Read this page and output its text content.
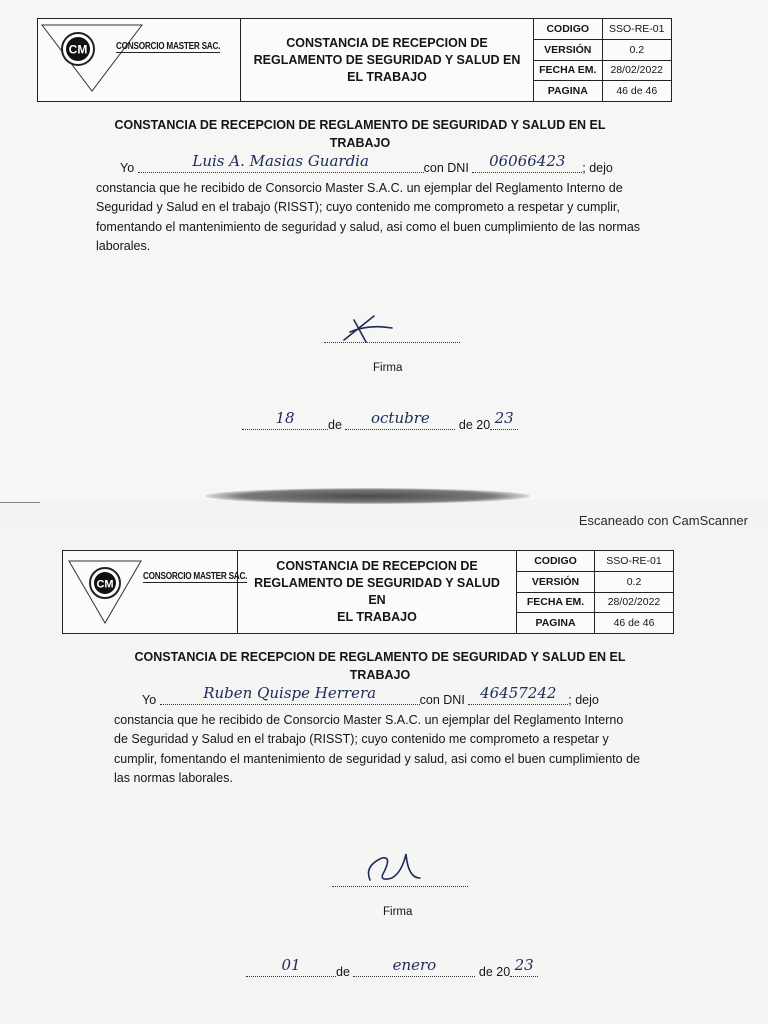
CM	CONSORCIO MASTER SAC.	CONSTANCIA DE RECEPCION DE
REGLAMENTO DE SEGURIDAD Y SALUD EN
EL TRABAJO
CODIGO	SSO-RE-01
VERSIÓN	0.2
FECHA EM.	28/02/2022
PAGINA	46 de 46
CONSTANCIA DE RECEPCION DE REGLAMENTO DE SEGURIDAD Y SALUD EN EL
TRABAJO

Yo	Luis A. Masias Guardia	con DNI 06066423 ; dejo

constancia que he recibido de Consorcio Master S.A.C. un ejemplar del Reglamento Interno de Seguridad y Salud en el trabajo (RISST); cuyo contenido me comprometo a respetar y cumplir, fomentando el mantenimiento de seguridad y salud, asi como el buen cumplimiento de las normas laborales.

Firma
18	de octubre de 20 23
Escaneado con CamScanner
CM
CONSORCIO MASTER SAC.
CONSTANCIA DE RECEPCION DE
REGLAMENTO DE SEGURIDAD Y SALUD EN
EL TRABAJO
CODIGO	SSO-RE-01
VERSIÓN	0.2
FECHA EM.	28/02/2022
PAGINA	46 de 46
CONSTANCIA DE RECEPCION DE REGLAMENTO DE SEGURIDAD Y SALUD EN EL
TRABAJO

Yo	Ruben Quispe Herrera	con DNI 46457242 ; dejo

constancia que he recibido de Consorcio Master S.A.C. un ejemplar del Reglamento Interno de Seguridad y Salud en el trabajo (RISST); cuyo contenido me comprometo a respetar y cumplir, fomentando el mantenimiento de seguridad y salud, asi como el buen cumplimiento de las normas laborales.

Firma
01	de	enero	de 20 23
